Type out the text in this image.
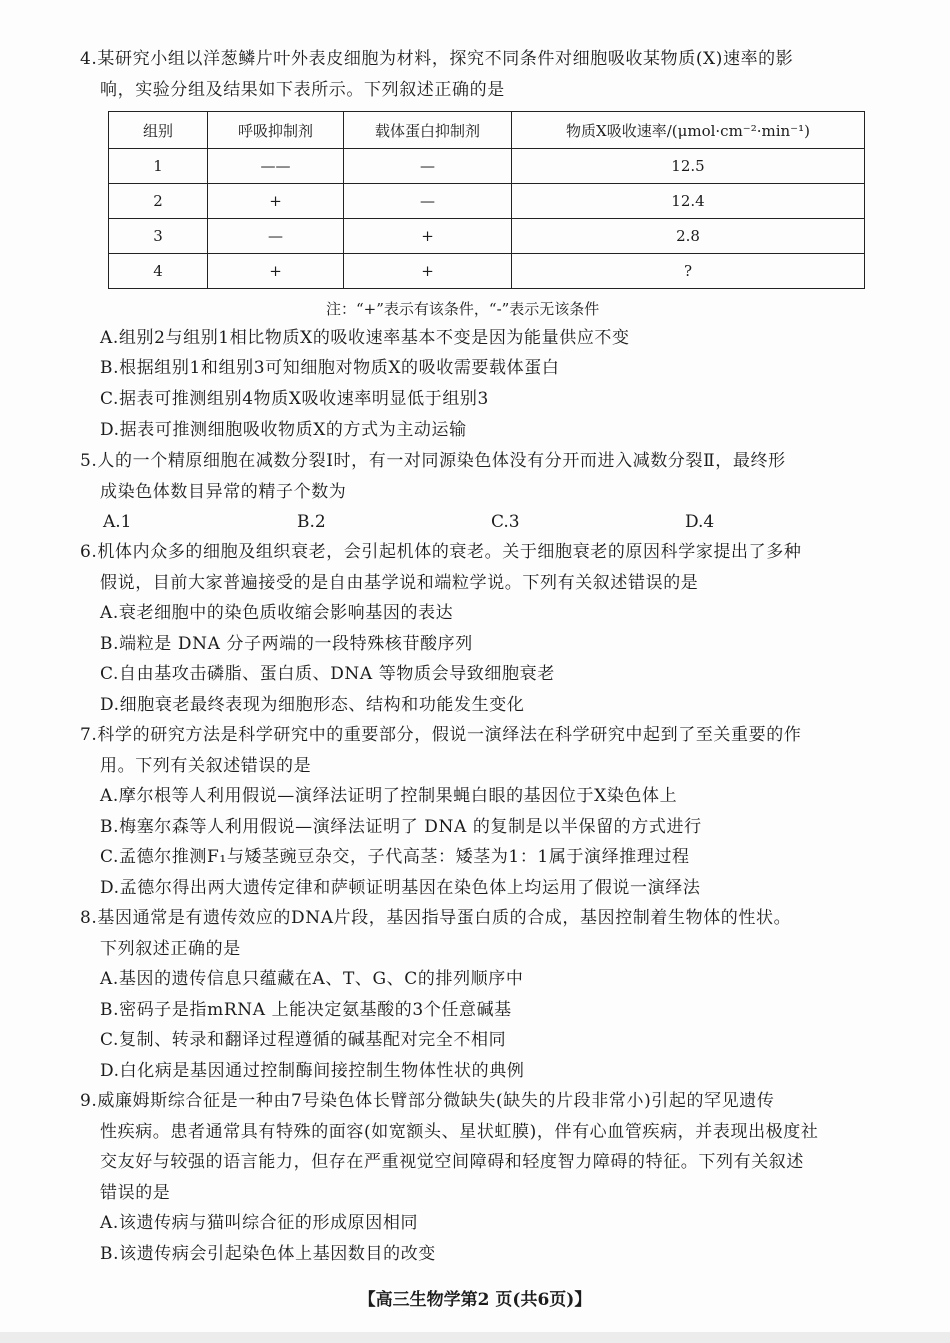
4.某研究小组以洋葱鳞片叶外表皮细胞为材料，探究不同条件对细胞吸收某物质(X)速率的影
响，实验分组及结果如下表所示。下列叙述正确的是
组别	呼吸抑制剂	载体蛋白抑制剂	物质X吸收速率/(μmol·cm⁻²·min⁻¹)
1	——	—	12.5
2	+	—	12.4
3	—	+	2.8
4	+	+	?
注：“+”表示有该条件，“-”表示无该条件
A.组别2与组别1相比物质X的吸收速率基本不变是因为能量供应不变
B.根据组别1和组别3可知细胞对物质X的吸收需要载体蛋白
C.据表可推测组别4物质X吸收速率明显低于组别3
D.据表可推测细胞吸收物质X的方式为主动运输
5.人的一个精原细胞在减数分裂Ⅰ时，有一对同源染色体没有分开而进入减数分裂Ⅱ，最终形
成染色体数目异常的精子个数为
A.1	B.2	C.3	D.4
6.机体内众多的细胞及组织衰老，会引起机体的衰老。关于细胞衰老的原因科学家提出了多种
假说，目前大家普遍接受的是自由基学说和端粒学说。下列有关叙述错误的是
A.衰老细胞中的染色质收缩会影响基因的表达
B.端粒是 DNA 分子两端的一段特殊核苷酸序列
C.自由基攻击磷脂、蛋白质、DNA 等物质会导致细胞衰老
D.细胞衰老最终表现为细胞形态、结构和功能发生变化
7.科学的研究方法是科学研究中的重要部分，假说一演绎法在科学研究中起到了至关重要的作
用。下列有关叙述错误的是
A.摩尔根等人利用假说—演绎法证明了控制果蝇白眼的基因位于X染色体上
B.梅塞尔森等人利用假说—演绎法证明了 DNA 的复制是以半保留的方式进行
C.孟德尔推测F₁与矮茎豌豆杂交，子代高茎：矮茎为1：1属于演绎推理过程
D.孟德尔得出两大遗传定律和萨顿证明基因在染色体上均运用了假说一演绎法
8.基因通常是有遗传效应的DNA片段，基因指导蛋白质的合成，基因控制着生物体的性状。
下列叙述正确的是
A.基因的遗传信息只蕴藏在A、T、G、C的排列顺序中
B.密码子是指mRNA 上能决定氨基酸的3个任意碱基
C.复制、转录和翻译过程遵循的碱基配对完全不相同
D.白化病是基因通过控制酶间接控制生物体性状的典例
9.威廉姆斯综合征是一种由7号染色体长臂部分微缺失(缺失的片段非常小)引起的罕见遗传
性疾病。患者通常具有特殊的面容(如宽额头、星状虹膜)，伴有心血管疾病，并表现出极度社
交友好与较强的语言能力，但存在严重视觉空间障碍和轻度智力障碍的特征。下列有关叙述
错误的是
A.该遗传病与猫叫综合征的形成原因相同
B.该遗传病会引起染色体上基因数目的改变
【高三生物学第2 页(共6页)】
